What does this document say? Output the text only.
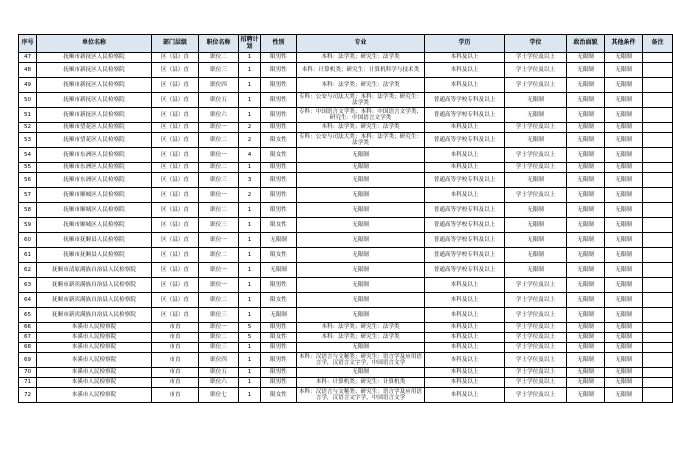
序号	单位名称	部门层级	职位名称	招聘计划	性别	专业	学历	学位	政治面貌	其他条件	备注
47	抚顺市新抚区人民检察院	区（县）直	职位二	1	限男性	本科：法学类；研究生：法学类	本科及以上	学士学位及以上	无限制	无限制	
48	抚顺市新抚区人民检察院	区（县）直	职位三	1	限男性	本科：计算机类；研究生：计算机科学与技术类	本科及以上	学士学位及以上	无限制	无限制	
49	抚顺市新抚区人民检察院	区（县）直	职位四	1	限男性	本科：法学类；研究生：法学类	本科及以上	学士学位及以上	无限制	无限制	
50	抚顺市新抚区人民检察院	区（县）直	职位五	1	限男性	专科：公安与司法大类；本科：法学类；研究生：法学类	普通高等学校专科及以上	无限制	无限制	无限制	
51	抚顺市新抚区人民检察院	区（县）直	职位六	1	限男性	专科：中国语言文学类；本科：中国语言文学类；研究生：中国语言文学类	普通高等学校专科及以上	无限制	无限制	无限制	
52	抚顺市望花区人民检察院	区（县）直	职位一	2	限男性	本科：法学类；研究生：法学类	本科及以上	学士学位及以上	无限制	无限制	
53	抚顺市望花区人民检察院	区（县）直	职位二	2	限女性	专科：公安与司法大类；本科：法学类；研究生：法学类	普通高等学校专科及以上	无限制	无限制	无限制	
54	抚顺市东洲区人民检察院	区（县）直	职位一	4	限女性	无限制	本科及以上	学士学位及以上	无限制	无限制	
55	抚顺市东洲区人民检察院	区（县）直	职位二	1	限男性	无限制	本科及以上	学士学位及以上	无限制	无限制	
56	抚顺市东洲区人民检察院	区（县）直	职位三	3	限男性	无限制	普通高等学校专科及以上	无限制	无限制	无限制	
57	抚顺市顺城区人民检察院	区（县）直	职位一	2	限男性	无限制	本科及以上	学士学位及以上	无限制	无限制	
58	抚顺市顺城区人民检察院	区（县）直	职位二	1	限男性	无限制	普通高等学校专科及以上	无限制	无限制	无限制	
59	抚顺市顺城区人民检察院	区（县）直	职位三	1	限女性	无限制	普通高等学校专科及以上	无限制	无限制	无限制	
60	抚顺市抚顺县人民检察院	区（县）直	职位一	1	无限制	无限制	普通高等学校专科及以上	无限制	无限制	无限制	
61	抚顺市抚顺县人民检察院	区（县）直	职位二	1	限女性	无限制	普通高等学校专科及以上	无限制	无限制	无限制	
62	抚顺市清原满族自治县人民检察院	区（县）直	职位一	1	无限制	无限制	普通高等学校专科及以上	无限制	无限制	无限制	
63	抚顺市新宾满族自治县人民检察院	区（县）直	职位一	1	限男性	无限制	本科及以上	学士学位及以上	无限制	无限制	
64	抚顺市新宾满族自治县人民检察院	区（县）直	职位二	1	限女性	无限制	本科及以上	学士学位及以上	无限制	无限制	
65	抚顺市新宾满族自治县人民检察院	区（县）直	职位三	1	无限制	无限制	本科及以上	学士学位及以上	无限制	无限制	
66	本溪市人民检察院	市直	职位一	5	限男性	本科：法学类；研究生：法学类	本科及以上	学士学位及以上	无限制	无限制	
67	本溪市人民检察院	市直	职位二	5	限女性	本科：法学类；研究生：法学类	本科及以上	学士学位及以上	无限制	无限制	
68	本溪市人民检察院	市直	职位三	1	限男性	无限制	本科及以上	学士学位及以上	无限制	无限制	
69	本溪市人民检察院	市直	职位四	1	限男性	本科：汉语言与文秘类；研究生：语言学及应用语言学，汉语言文字学，中国语言文学	本科及以上	学士学位及以上	无限制	无限制	
70	本溪市人民检察院	市直	职位五	1	限男性	无限制	本科及以上	学士学位及以上	无限制	无限制	
71	本溪市人民检察院	市直	职位六	1	限男性	本科：计算机类；研究生：计算机类	本科及以上	学士学位及以上	无限制	无限制	
72	本溪市人民检察院	市直	职位七	1	限女性	本科：汉语言与文秘类；研究生：语言学及应用语言学，汉语言文字学，中国语言文学	本科及以上	学士学位及以上	无限制	无限制	
